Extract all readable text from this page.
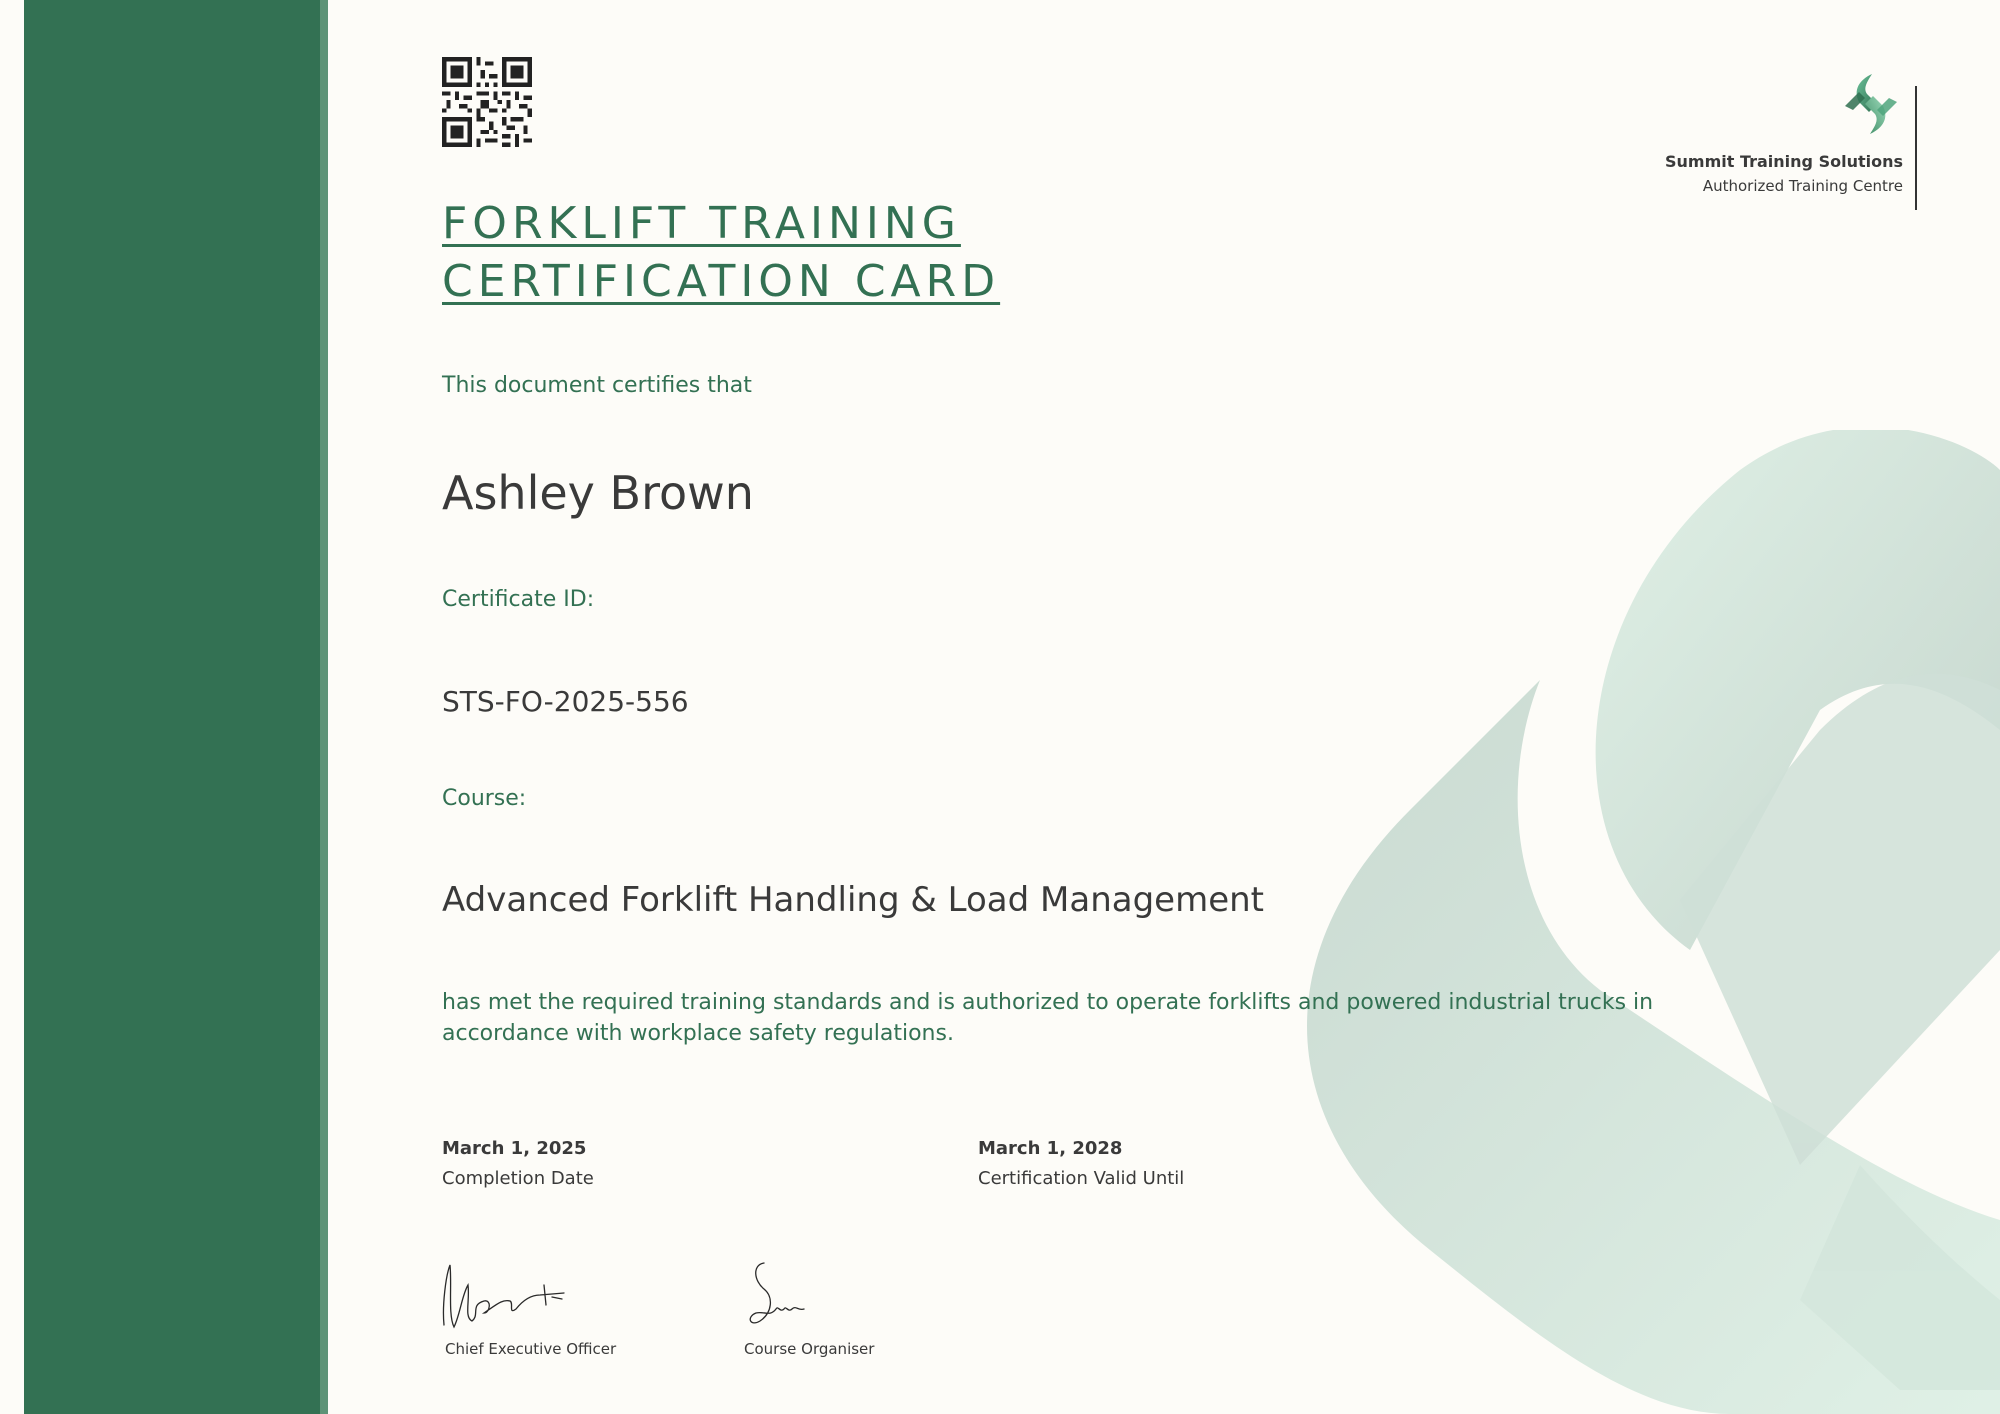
FORKLIFT TRAINING
CERTIFICATION CARD
Summit Training Solutions
Authorized Training Centre

This document certifies that

Ashley Brown

Certificate ID:

STS-FO-2025-556

Course:

Advanced Forklift Handling & Load Management

has met the required training standards and is authorized to operate forklifts and powered industrial trucks in accordance with workplace safety regulations.

March 1, 2025
Completion Date
March 1, 2028
Certification Valid Until
Chief Executive Officer	Course Organiser
